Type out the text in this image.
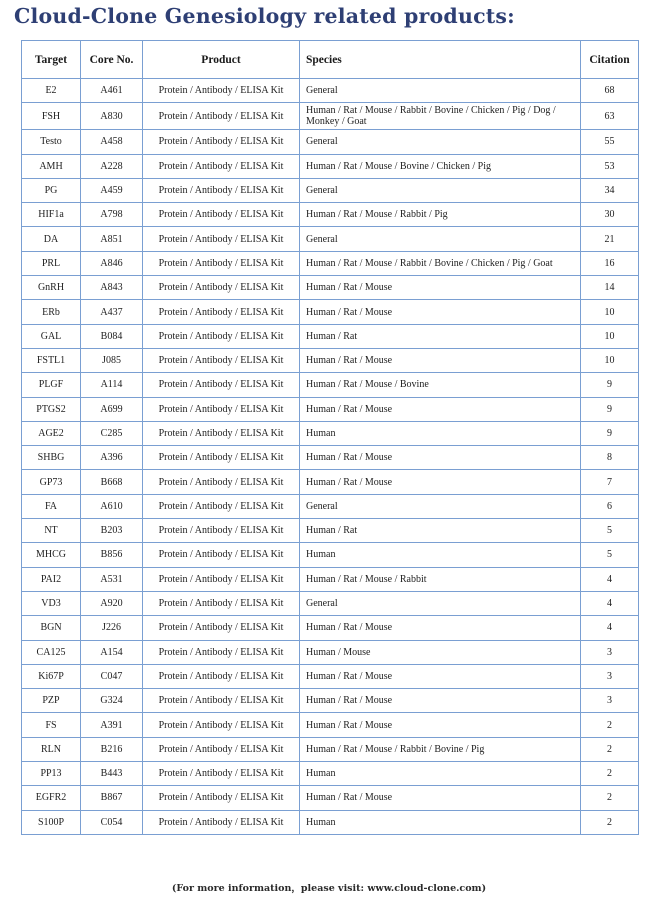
Cloud-Clone Genesiology related products:
Target	Core No.	Product	Species	Citation
E2	A461	Protein / Antibody / ELISA Kit	General	68
FSH	A830	Protein / Antibody / ELISA Kit	Human / Rat / Mouse / Rabbit / Bovine / Chicken / Pig / Dog / Monkey / Goat	63
Testo	A458	Protein / Antibody / ELISA Kit	General	55
AMH	A228	Protein / Antibody / ELISA Kit	Human / Rat / Mouse / Bovine / Chicken / Pig	53
PG	A459	Protein / Antibody / ELISA Kit	General	34
HIF1a	A798	Protein / Antibody / ELISA Kit	Human / Rat / Mouse / Rabbit / Pig	30
DA	A851	Protein / Antibody / ELISA Kit	General	21
PRL	A846	Protein / Antibody / ELISA Kit	Human / Rat / Mouse / Rabbit / Bovine / Chicken / Pig / Goat	16
GnRH	A843	Protein / Antibody / ELISA Kit	Human / Rat / Mouse	14
ERb	A437	Protein / Antibody / ELISA Kit	Human / Rat / Mouse	10
GAL	B084	Protein / Antibody / ELISA Kit	Human / Rat	10
FSTL1	J085	Protein / Antibody / ELISA Kit	Human / Rat / Mouse	10
PLGF	A114	Protein / Antibody / ELISA Kit	Human / Rat / Mouse / Bovine	9
PTGS2	A699	Protein / Antibody / ELISA Kit	Human / Rat / Mouse	9
AGE2	C285	Protein / Antibody / ELISA Kit	Human	9
SHBG	A396	Protein / Antibody / ELISA Kit	Human / Rat / Mouse	8
GP73	B668	Protein / Antibody / ELISA Kit	Human / Rat / Mouse	7
FA	A610	Protein / Antibody / ELISA Kit	General	6
NT	B203	Protein / Antibody / ELISA Kit	Human / Rat	5
MHCG	B856	Protein / Antibody / ELISA Kit	Human	5
PAI2	A531	Protein / Antibody / ELISA Kit	Human / Rat / Mouse / Rabbit	4
VD3	A920	Protein / Antibody / ELISA Kit	General	4
BGN	J226	Protein / Antibody / ELISA Kit	Human / Rat / Mouse	4
CA125	A154	Protein / Antibody / ELISA Kit	Human / Mouse	3
Ki67P	C047	Protein / Antibody / ELISA Kit	Human / Rat / Mouse	3
PZP	G324	Protein / Antibody / ELISA Kit	Human / Rat / Mouse	3
FS	A391	Protein / Antibody / ELISA Kit	Human / Rat / Mouse	2
RLN	B216	Protein / Antibody / ELISA Kit	Human / Rat / Mouse / Rabbit / Bovine / Pig	2
PP13	B443	Protein / Antibody / ELISA Kit	Human	2
EGFR2	B867	Protein / Antibody / ELISA Kit	Human / Rat / Mouse	2
S100P	C054	Protein / Antibody / ELISA Kit	Human	2
(For more information，please visit: www.cloud-clone.com)
